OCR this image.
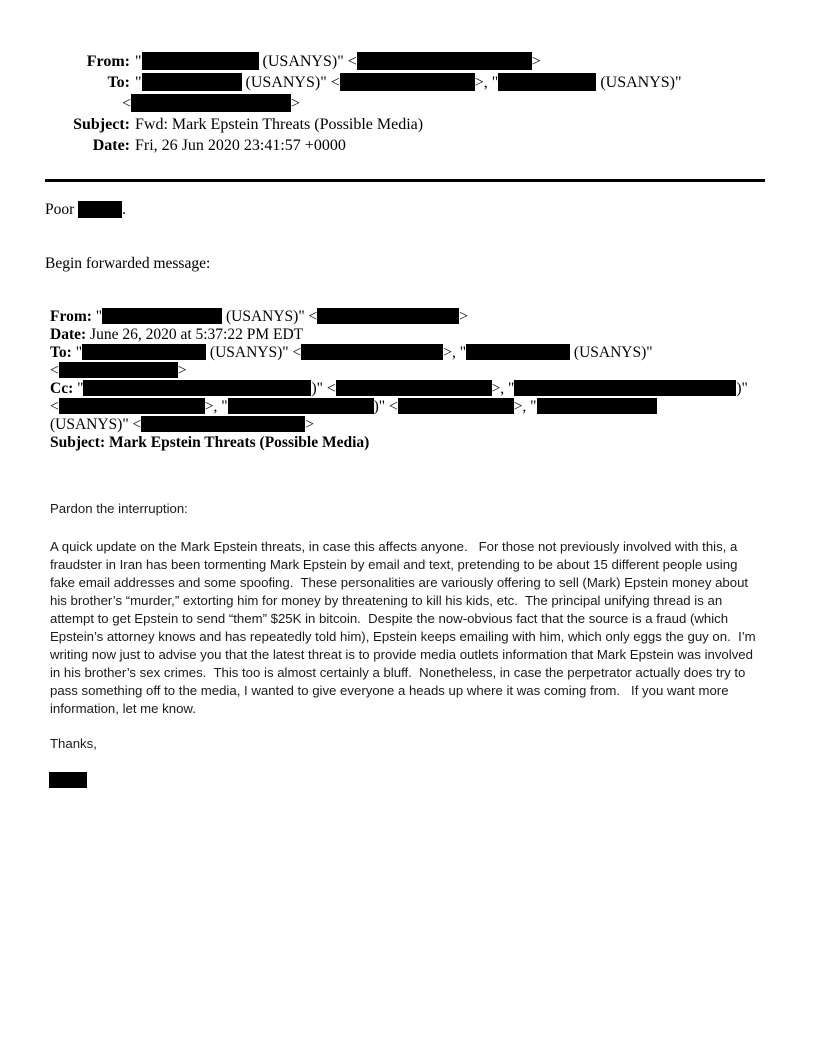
From: "	(USANYS)" <	>
To: "	(USANYS)" <	>, "	(USANYS)"
<	>
Subject: Fwd: Mark Epstein Threats (Possible Media)
Date: Fri, 26 Jun 2020 23:41:57 +0000
Poor	.
Begin forwarded message:
From: "	(USANYS)" <	>
Date: June 26, 2020 at 5:37:22 PM EDT
To: "	(USANYS)" <	>, "	(USANYS)"
<	>
Cc: "	)" <	>, "	)"
<	>, "	)" <	>, "
(USANYS)" <	>
Subject: Mark Epstein Threats (Possible Media)
Pardon the interruption:
A quick update on the Mark Epstein threats, in case this affects anyone.   For those not previously involved with this, a fraudster in Iran has been tormenting Mark Epstein by email and text, pretending to be about 15 different people using fake email addresses and some spoofing.  These personalities are variously offering to sell (Mark) Epstein money about his brother’s “murder,” extorting him for money by threatening to kill his kids, etc.  The principal unifying thread is an attempt to get Epstein to send “them” $25K in bitcoin.  Despite the now-obvious fact that the source is a fraud (which Epstein’s attorney knows and has repeatedly told him), Epstein keeps emailing with him, which only eggs the guy on.  I’m writing now just to advise you that the latest threat is to provide media outlets information that Mark Epstein was involved in his brother’s sex crimes.  This too is almost certainly a bluff.  Nonetheless, in case the perpetrator actually does try to pass something off to the media, I wanted to give everyone a heads up where it was coming from.   If you want more information, let me know.
Thanks,
